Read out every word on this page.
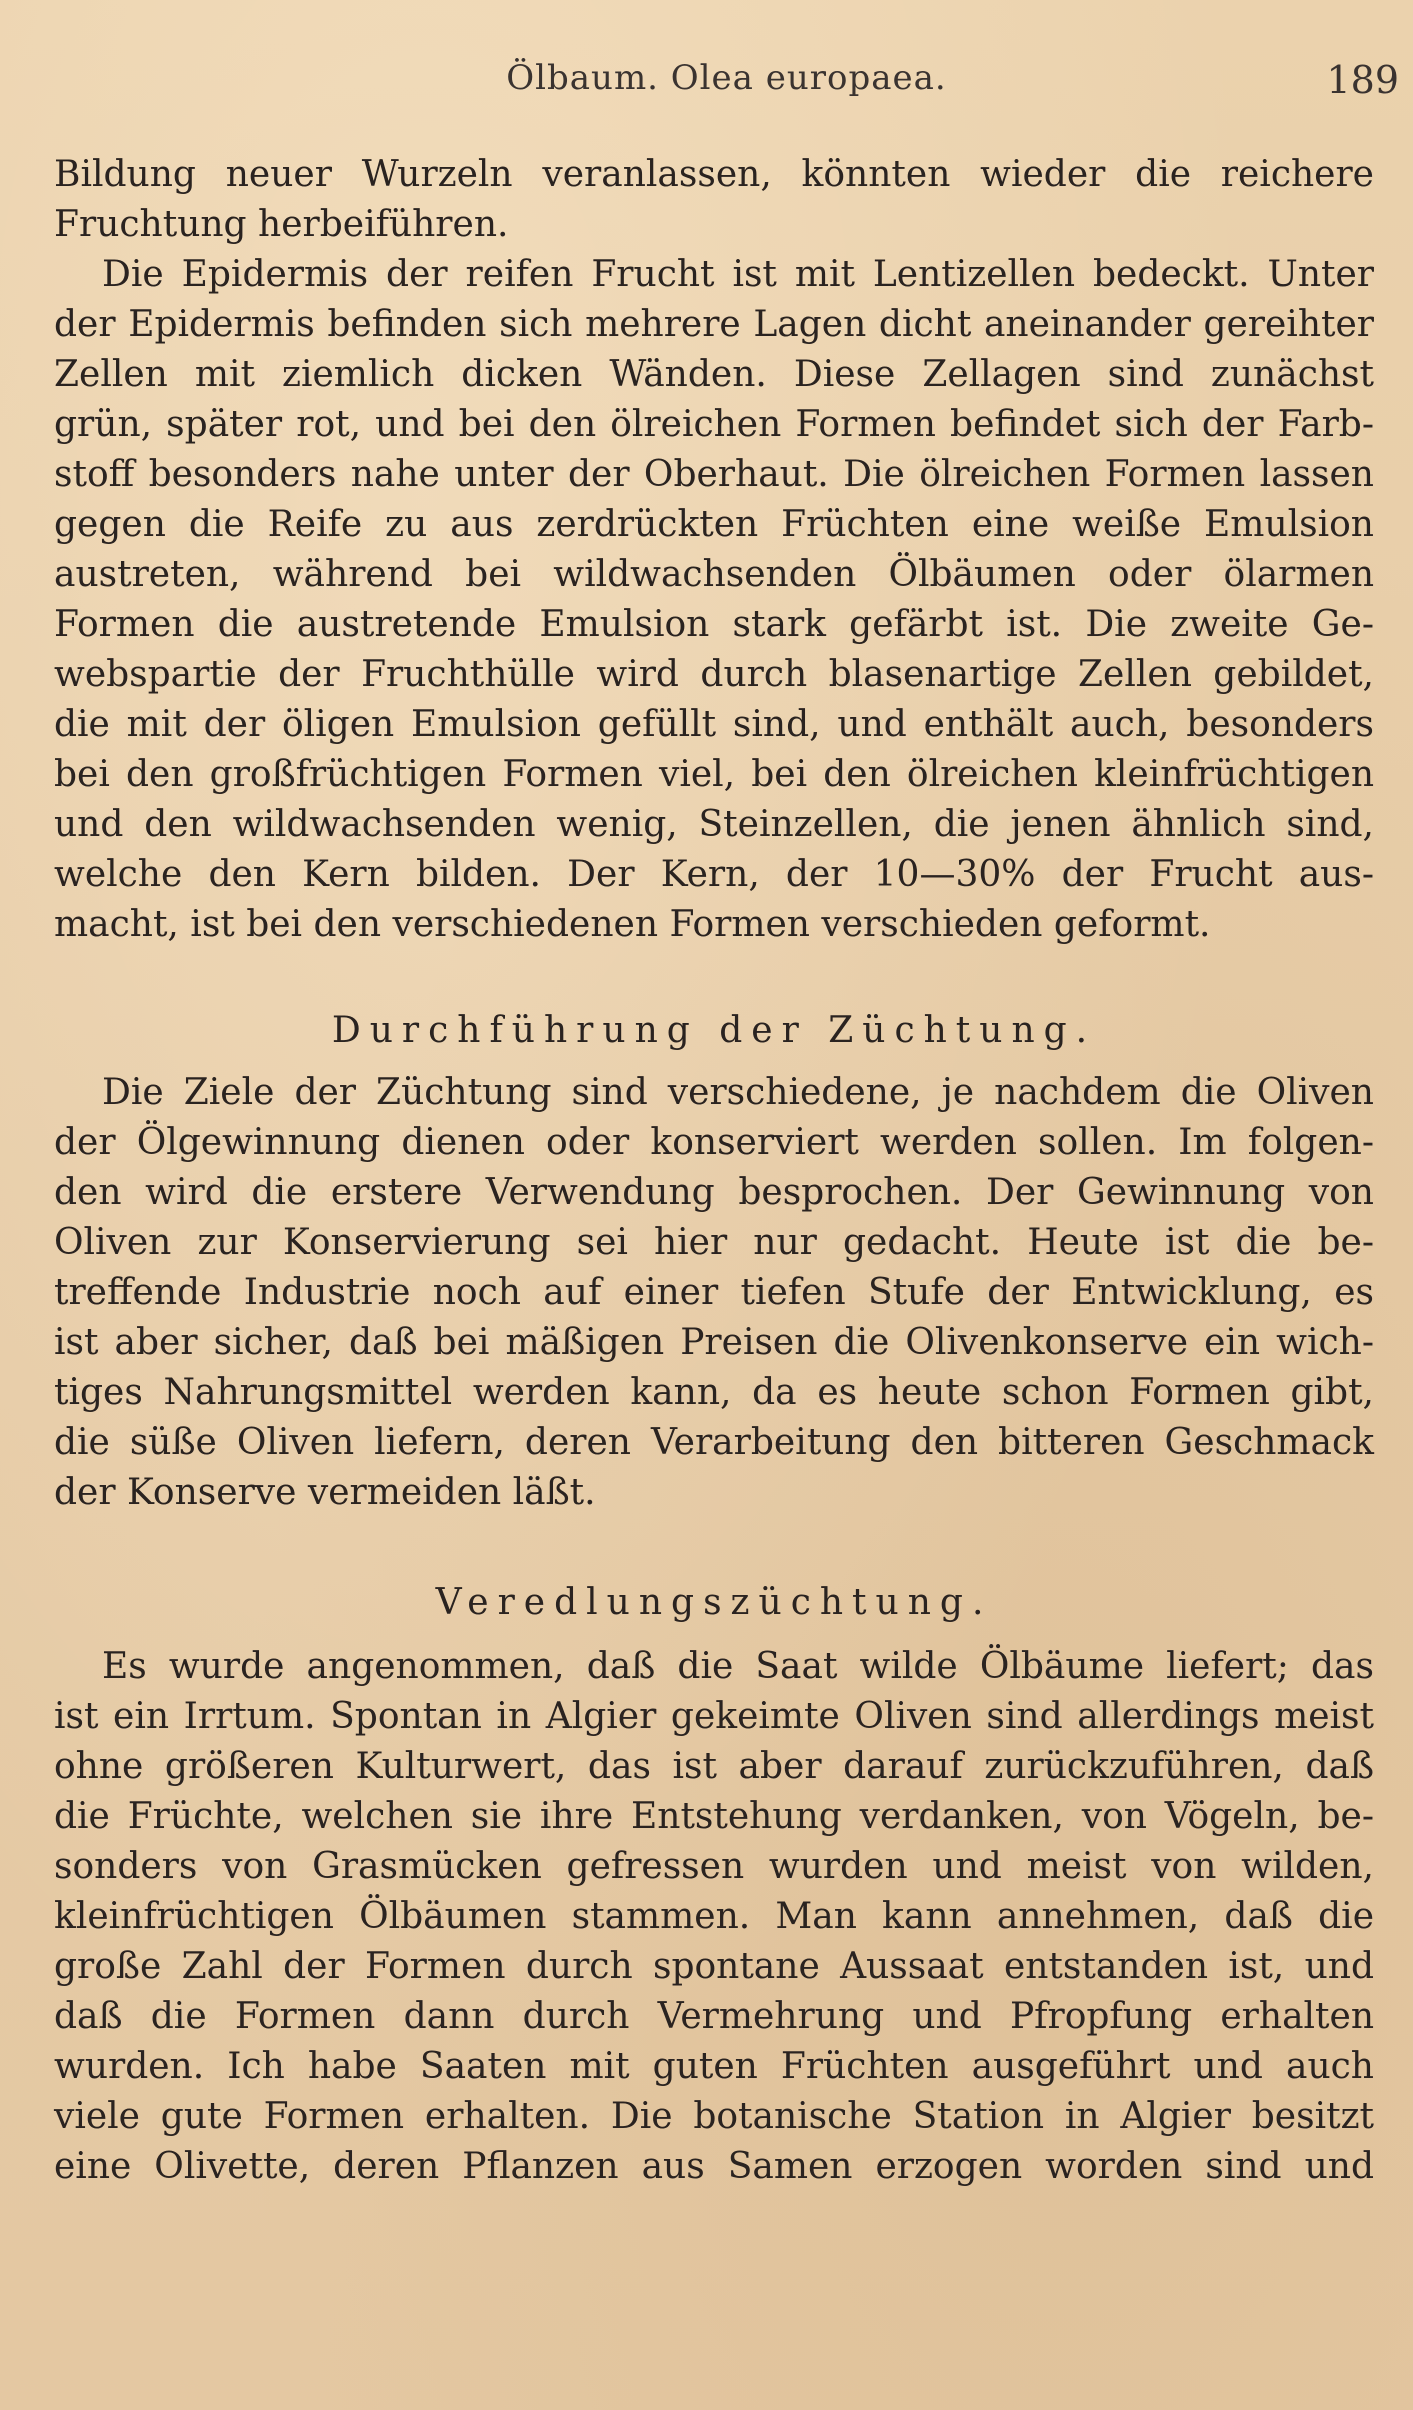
Ölbaum. Olea europaea.	189
Bildung neuer Wurzeln veranlassen, könnten wieder die reichere
Fruchtung herbeiführen.
Die Epidermis der reifen Frucht ist mit Lentizellen bedeckt. Unter
der Epidermis befinden sich mehrere Lagen dicht aneinander gereihter
Zellen mit ziemlich dicken Wänden. Diese Zellagen sind zunächst
grün, später rot, und bei den ölreichen Formen befindet sich der Farb-
stoff besonders nahe unter der Oberhaut. Die ölreichen Formen lassen
gegen die Reife zu aus zerdrückten Früchten eine weiße Emulsion
austreten, während bei wildwachsenden Ölbäumen oder ölarmen
Formen die austretende Emulsion stark gefärbt ist. Die zweite Ge-
webspartie der Fruchthülle wird durch blasenartige Zellen gebildet,
die mit der öligen Emulsion gefüllt sind, und enthält auch, besonders
bei den großfrüchtigen Formen viel, bei den ölreichen kleinfrüchtigen
und den wildwachsenden wenig, Steinzellen, die jenen ähnlich sind,
welche den Kern bilden. Der Kern, der 10—30% der Frucht aus-
macht, ist bei den verschiedenen Formen verschieden geformt.
Durchführung der Züchtung.
Die Ziele der Züchtung sind verschiedene, je nachdem die Oliven
der Ölgewinnung dienen oder konserviert werden sollen. Im folgen-
den wird die erstere Verwendung besprochen. Der Gewinnung von
Oliven zur Konservierung sei hier nur gedacht. Heute ist die be-
treffende Industrie noch auf einer tiefen Stufe der Entwicklung, es
ist aber sicher, daß bei mäßigen Preisen die Olivenkonserve ein wich-
tiges Nahrungsmittel werden kann, da es heute schon Formen gibt,
die süße Oliven liefern, deren Verarbeitung den bitteren Geschmack
der Konserve vermeiden läßt.
Veredlungszüchtung.
Es wurde angenommen, daß die Saat wilde Ölbäume liefert; das
ist ein Irrtum. Spontan in Algier gekeimte Oliven sind allerdings meist
ohne größeren Kulturwert, das ist aber darauf zurückzuführen, daß
die Früchte, welchen sie ihre Entstehung verdanken, von Vögeln, be-
sonders von Grasmücken gefressen wurden und meist von wilden,
kleinfrüchtigen Ölbäumen stammen. Man kann annehmen, daß die
große Zahl der Formen durch spontane Aussaat entstanden ist, und
daß die Formen dann durch Vermehrung und Pfropfung erhalten
wurden. Ich habe Saaten mit guten Früchten ausgeführt und auch
viele gute Formen erhalten. Die botanische Station in Algier besitzt
eine Olivette, deren Pflanzen aus Samen erzogen worden sind und
